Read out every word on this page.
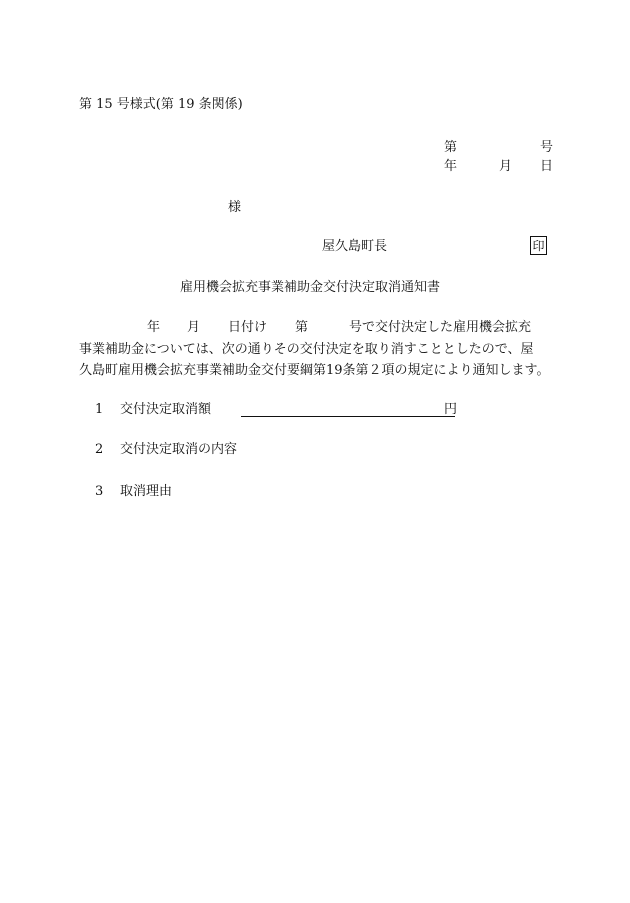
第 15 号様式(第 19 条関係)
第	号
年	月 日
様
屋久島町長	印
雇用機会拡充事業補助金交付決定取消通知書
年 月 日付け 第	号で交付決定した雇用機会拡充
事業補助金については、次の通りその交付決定を取り消すこととしたので、屋
久島町雇用機会拡充事業補助金交付要綱第19条第２項の規定により通知します。
1 交付決定取消額	円
2 交付決定取消の内容
3 取消理由
